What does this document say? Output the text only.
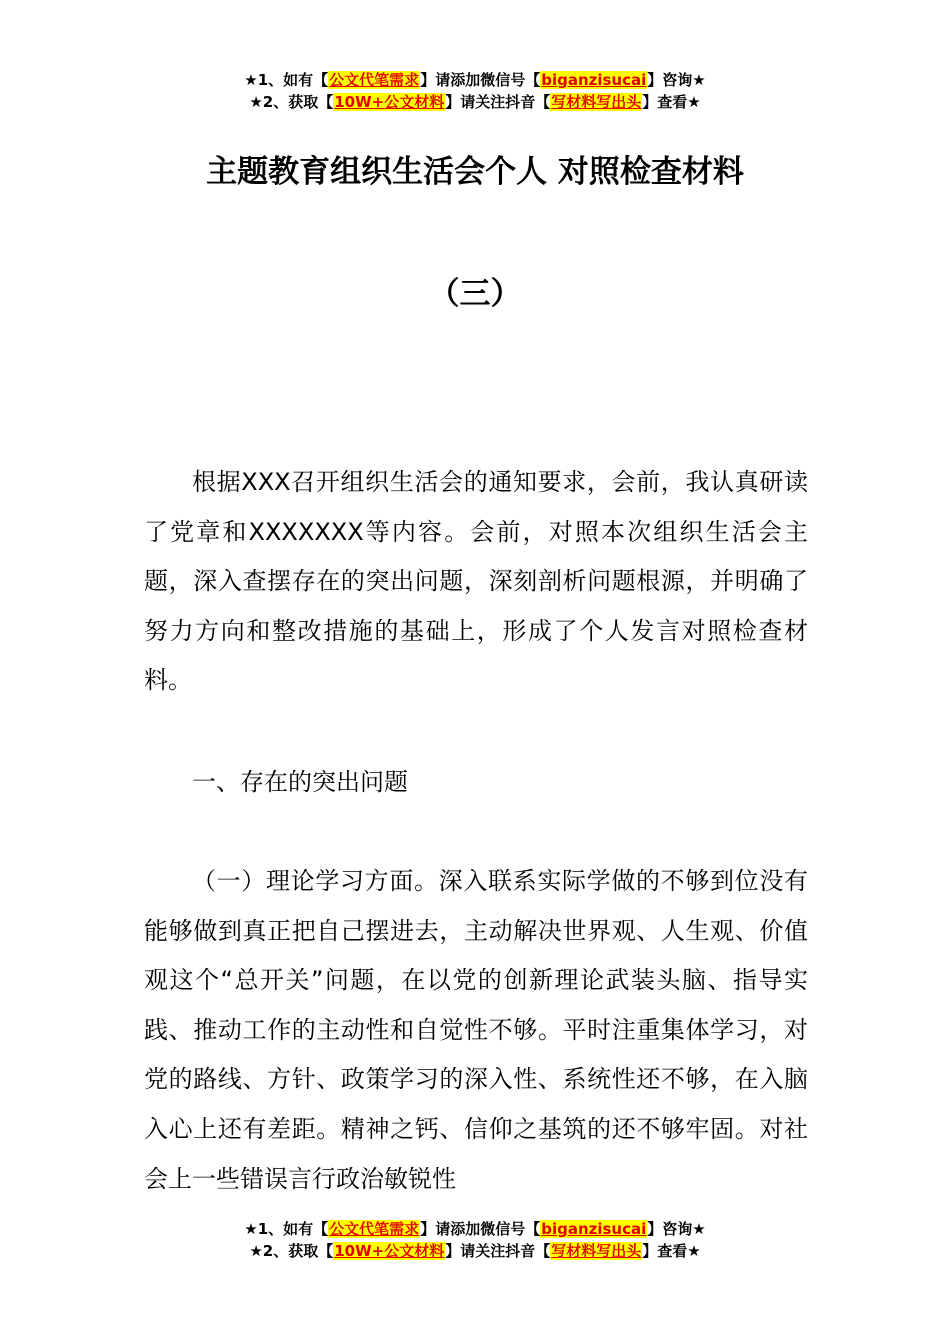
★1、如有【公文代笔需求】请添加微信号【biganzisucai】咨询★
★2、获取【10W+公文材料】请关注抖音【写材料写出头】查看★
主题教育组织生活会个人 对照检查材料
（三）
根据XXX召开组织生活会的通知要求，会前，我认真研读了党章和XXXXXXX等内容。会前，对照本次组织生活会主题，深入查摆存在的突出问题，深刻剖析问题根源，并明确了努力方向和整改措施的基础上，形成了个人发言对照检查材料。
一、存在的突出问题
（一）理论学习方面。深入联系实际学做的不够到位没有能够做到真正把自己摆进去，主动解决世界观、人生观、价值观这个“总开关”问题，在以党的创新理论武装头脑、指导实践、推动工作的主动性和自觉性不够。平时注重集体学习，对党的路线、方针、政策学习的深入性、系统性还不够，在入脑入心上还有差距。精神之钙、信仰之基筑的还不够牢固。对社会上一些错误言行政治敏锐性
★1、如有【公文代笔需求】请添加微信号【biganzisucai】咨询★
★2、获取【10W+公文材料】请关注抖音【写材料写出头】查看★
